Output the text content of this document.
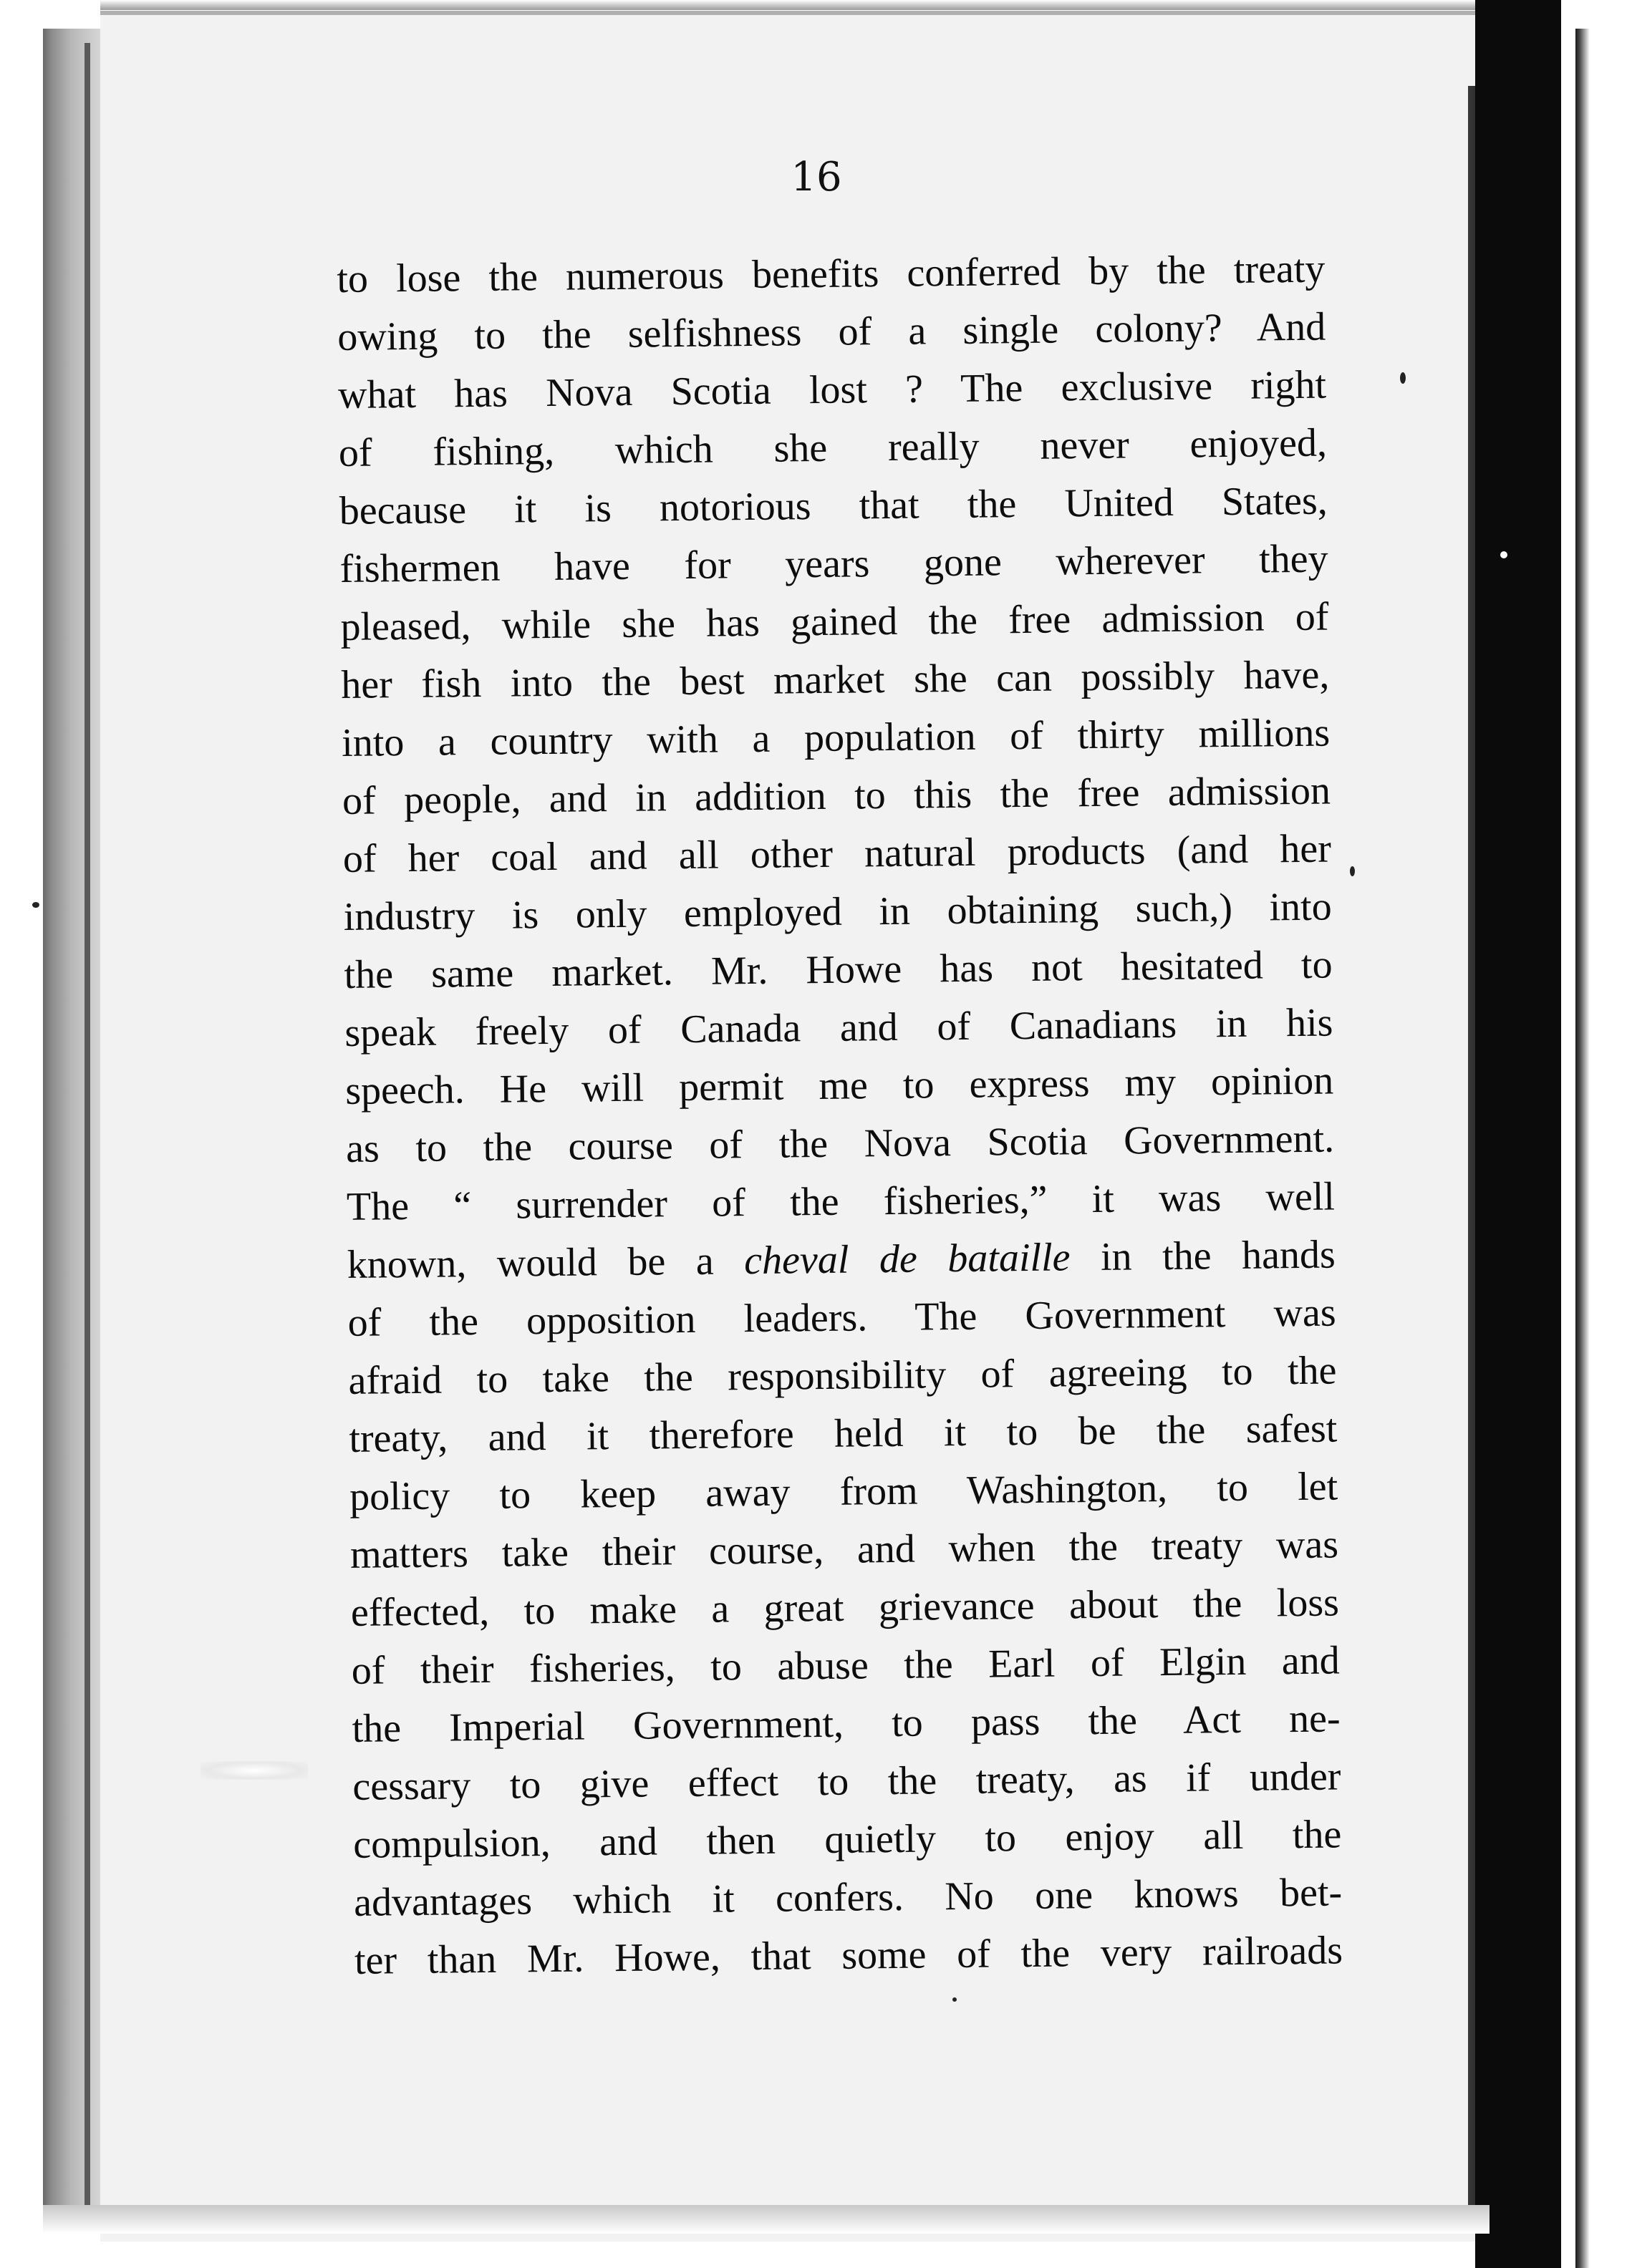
16
to lose the numerous benefits conferred by the treaty
owing to the selfishness of a single colony? And
what has Nova Scotia lost ? The exclusive right
of fishing, which she really never enjoyed,
because it is notorious that the United States,
fishermen have for years gone wherever they
pleased, while she has gained the free admission of
her fish into the best market she can possibly have,
into a country with a population of thirty millions
of people, and in addition to this the free admission
of her coal and all other natural products (and her
industry is only employed in obtaining such,) into
the same market. Mr. Howe has not hesitated to
speak freely of Canada and of Canadians in his
speech. He will permit me to express my opinion
as to the course of the Nova Scotia Government.
The “ surrender of the fisheries,” it was well
known, would be a cheval de bataille in the hands
of the opposition leaders. The Government was
afraid to take the responsibility of agreeing to the
treaty, and it therefore held it to be the safest
policy to keep away from Washington, to let
matters take their course, and when the treaty was
effected, to make a great grievance about the loss
of their fisheries, to abuse the Earl of Elgin and
the Imperial Government, to pass the Act ne-
cessary to give effect to the treaty, as if under
compulsion, and then quietly to enjoy all the
advantages which it confers. No one knows bet-
ter than Mr. Howe, that some of the very railroads
